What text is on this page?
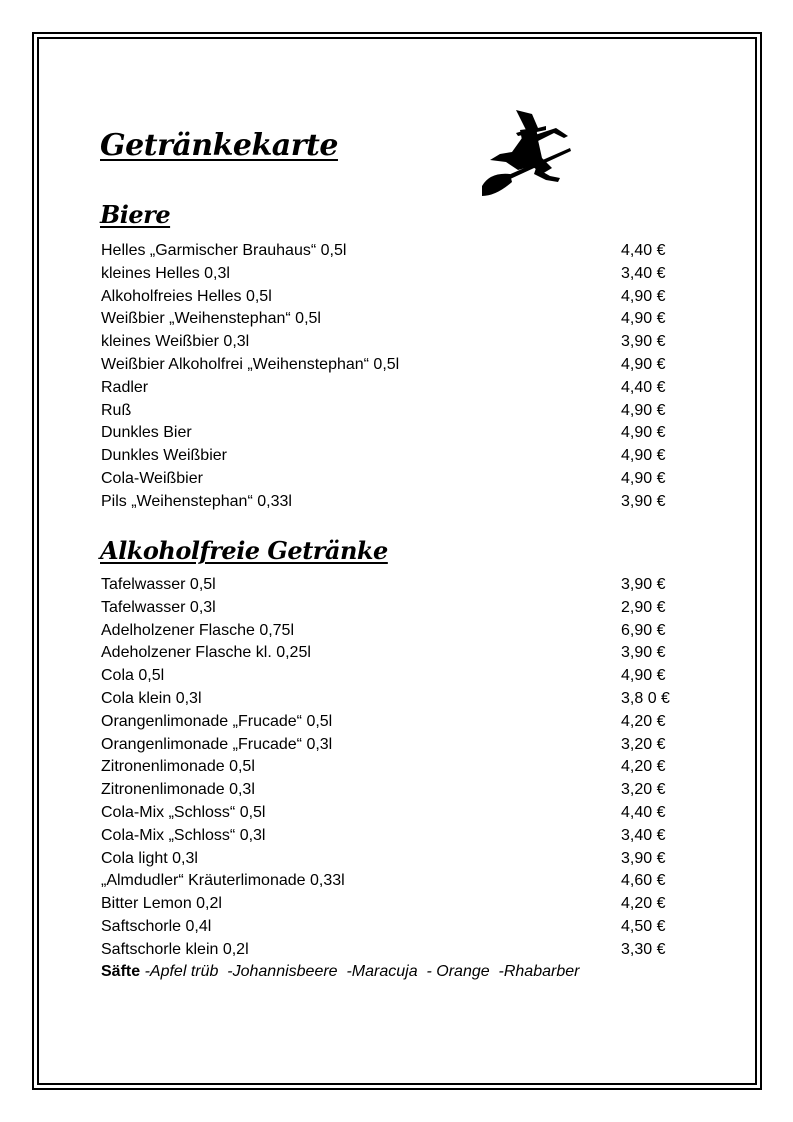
Getränkekarte
Biere
Helles „Garmischer Brauhaus“ 0,5l	4,40 €
kleines Helles 0,3l	3,40 €
Alkoholfreies Helles 0,5l	4,90 €
Weißbier „Weihenstephan“ 0,5l	4,90 €
kleines Weißbier 0,3l	3,90 €
Weißbier Alkoholfrei „Weihenstephan“ 0,5l	4,90 €
Radler	4,40 €
Ruß	4,90 €
Dunkles Bier	4,90 €
Dunkles Weißbier	4,90 €
Cola-Weißbier	4,90 €
Pils „Weihenstephan“ 0,33l	3,90 €
Alkoholfreie Getränke
Tafelwasser 0,5l	3,90 €
Tafelwasser 0,3l	2,90 €
Adelholzener Flasche 0,75l	6,90 €
Adeholzener Flasche kl. 0,25l	3,90 €
Cola 0,5l	4,90 €
Cola klein 0,3l	3,8 0 €
Orangenlimonade „Frucade“ 0,5l	4,20 €
Orangenlimonade „Frucade“ 0,3l	3,20 €
Zitronenlimonade 0,5l	4,20 €
Zitronenlimonade 0,3l	3,20 €
Cola-Mix „Schloss“ 0,5l	4,40 €
Cola-Mix „Schloss“ 0,3l	3,40 €
Cola light 0,3l	3,90 €
„Almdudler“ Kräuterlimonade 0,33l	4,60 €
Bitter Lemon 0,2l	4,20 €
Saftschorle 0,4l	4,50 €
Saftschorle klein 0,2l	3,30 €
Säfte -Apfel trüb  -Johannisbeere  -Maracuja  - Orange  -Rhabarber
